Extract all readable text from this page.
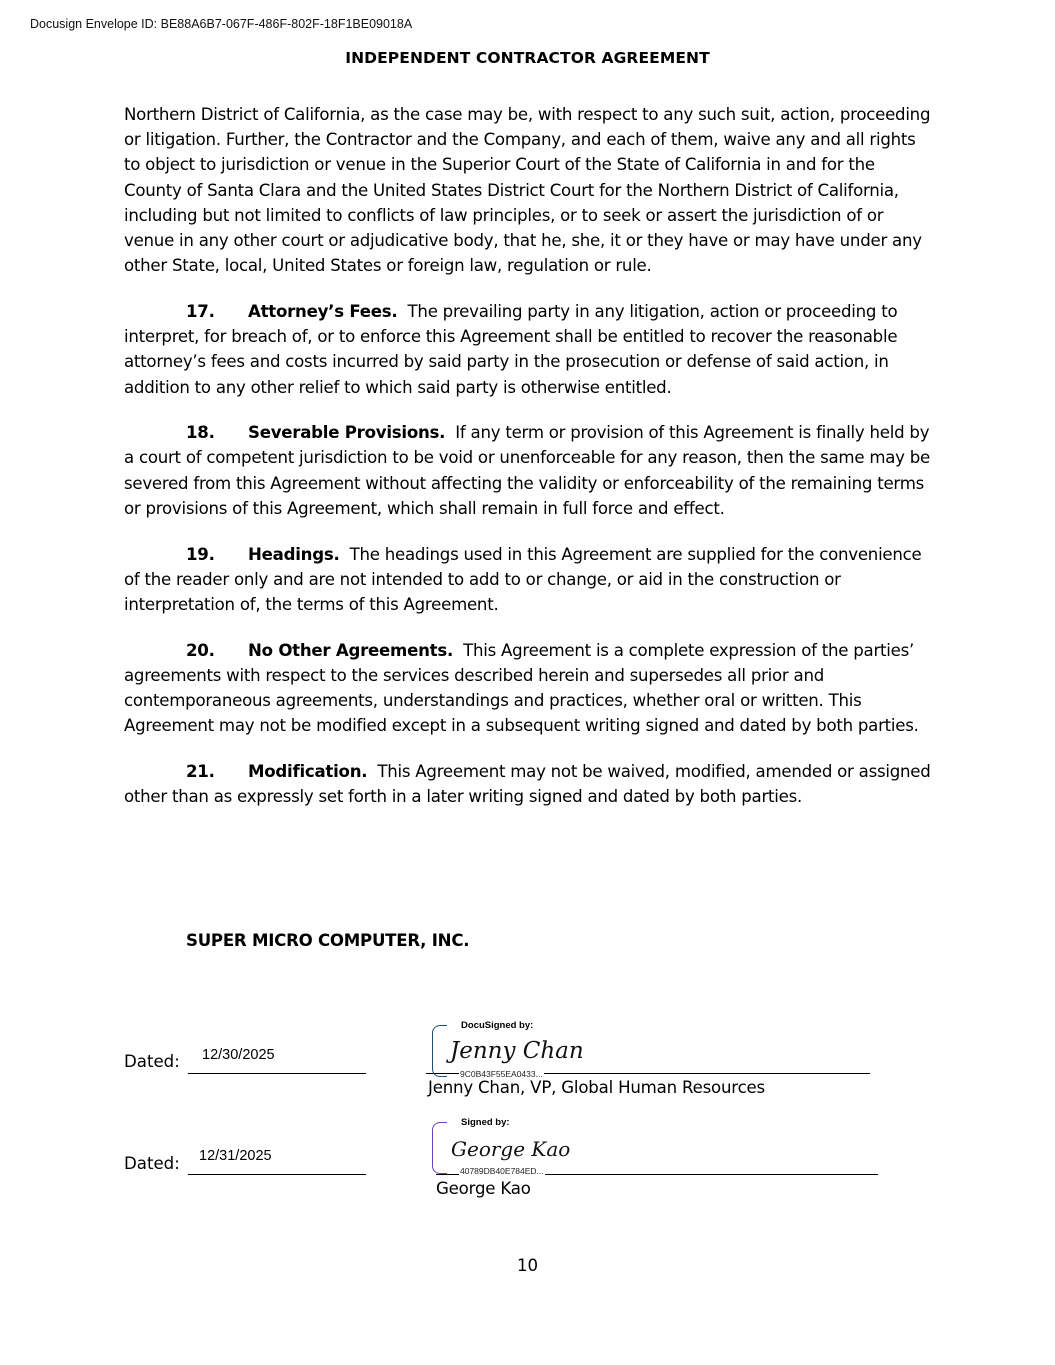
Docusign Envelope ID: BE88A6B7-067F-486F-802F-18F1BE09018A
INDEPENDENT CONTRACTOR AGREEMENT

Northern District of California, as the case may be, with respect to any such suit, action, proceeding or litigation. Further, the Contractor and the Company, and each of them, waive any and all rights to object to jurisdiction or venue in the Superior Court of the State of California in and for the County of Santa Clara and the United States District Court for the Northern District of California, including but not limited to conflicts of law principles, or to seek or assert the jurisdiction of or venue in any other court or adjudicative body, that he, she, it or they have or may have under any other State, local, United States or foreign law, regulation or rule.

17. Attorney’s Fees. The prevailing party in any litigation, action or proceeding to interpret, for breach of, or to enforce this Agreement shall be entitled to recover the reasonable attorney’s fees and costs incurred by said party in the prosecution or defense of said action, in addition to any other relief to which said party is otherwise entitled.

18. Severable Provisions. If any term or provision of this Agreement is finally held by a court of competent jurisdiction to be void or unenforceable for any reason, then the same may be severed from this Agreement without affecting the validity or enforceability of the remaining terms or provisions of this Agreement, which shall remain in full force and effect.

19. Headings. The headings used in this Agreement are supplied for the convenience of the reader only and are not intended to add to or change, or aid in the construction or interpretation of, the terms of this Agreement.

20. No Other Agreements. This Agreement is a complete expression of the parties’ agreements with respect to the services described herein and supersedes all prior and contemporaneous agreements, understandings and practices, whether oral or written. This Agreement may not be modified except in a subsequent writing signed and dated by both parties.

21. Modification. This Agreement may not be waived, modified, amended or assigned other than as expressly set forth in a later writing signed and dated by both parties.

SUPER MICRO COMPUTER, INC.
Dated: 12/30/2025
DocuSigned by:
Jenny Chan
9C0B43F55EA0433...
Jenny Chan, VP, Global Human Resources
Dated: 12/31/2025
Signed by:
George Kao
40789DB40E784ED...
George Kao
10
